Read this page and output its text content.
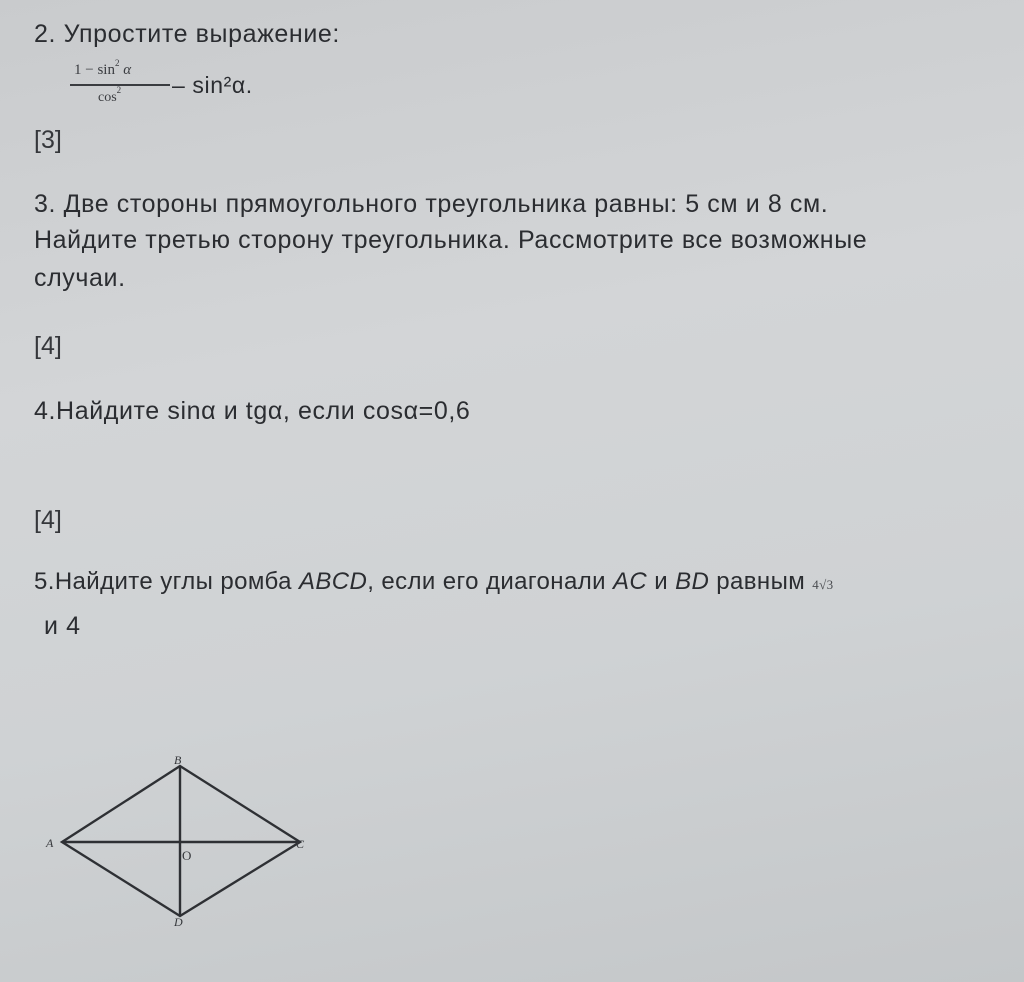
2. Упростите выражение:
$1 - \sin^2 \alpha$
$\cos^2 - \sin^2\alpha$.
[3]
3. Две стороны прямоугольного треугольника равны: 5 см и 8 см.
Найдите третью сторону треугольника. Рассмотрите все возможные
случаи.
[4]
4.Найдите sinα и tgα, если cosα=0,6
[4]
5.Найдите углы ромба ABCD, если его диагонали AC и BD равным 4√3
и 4
A
B
C
D
O
